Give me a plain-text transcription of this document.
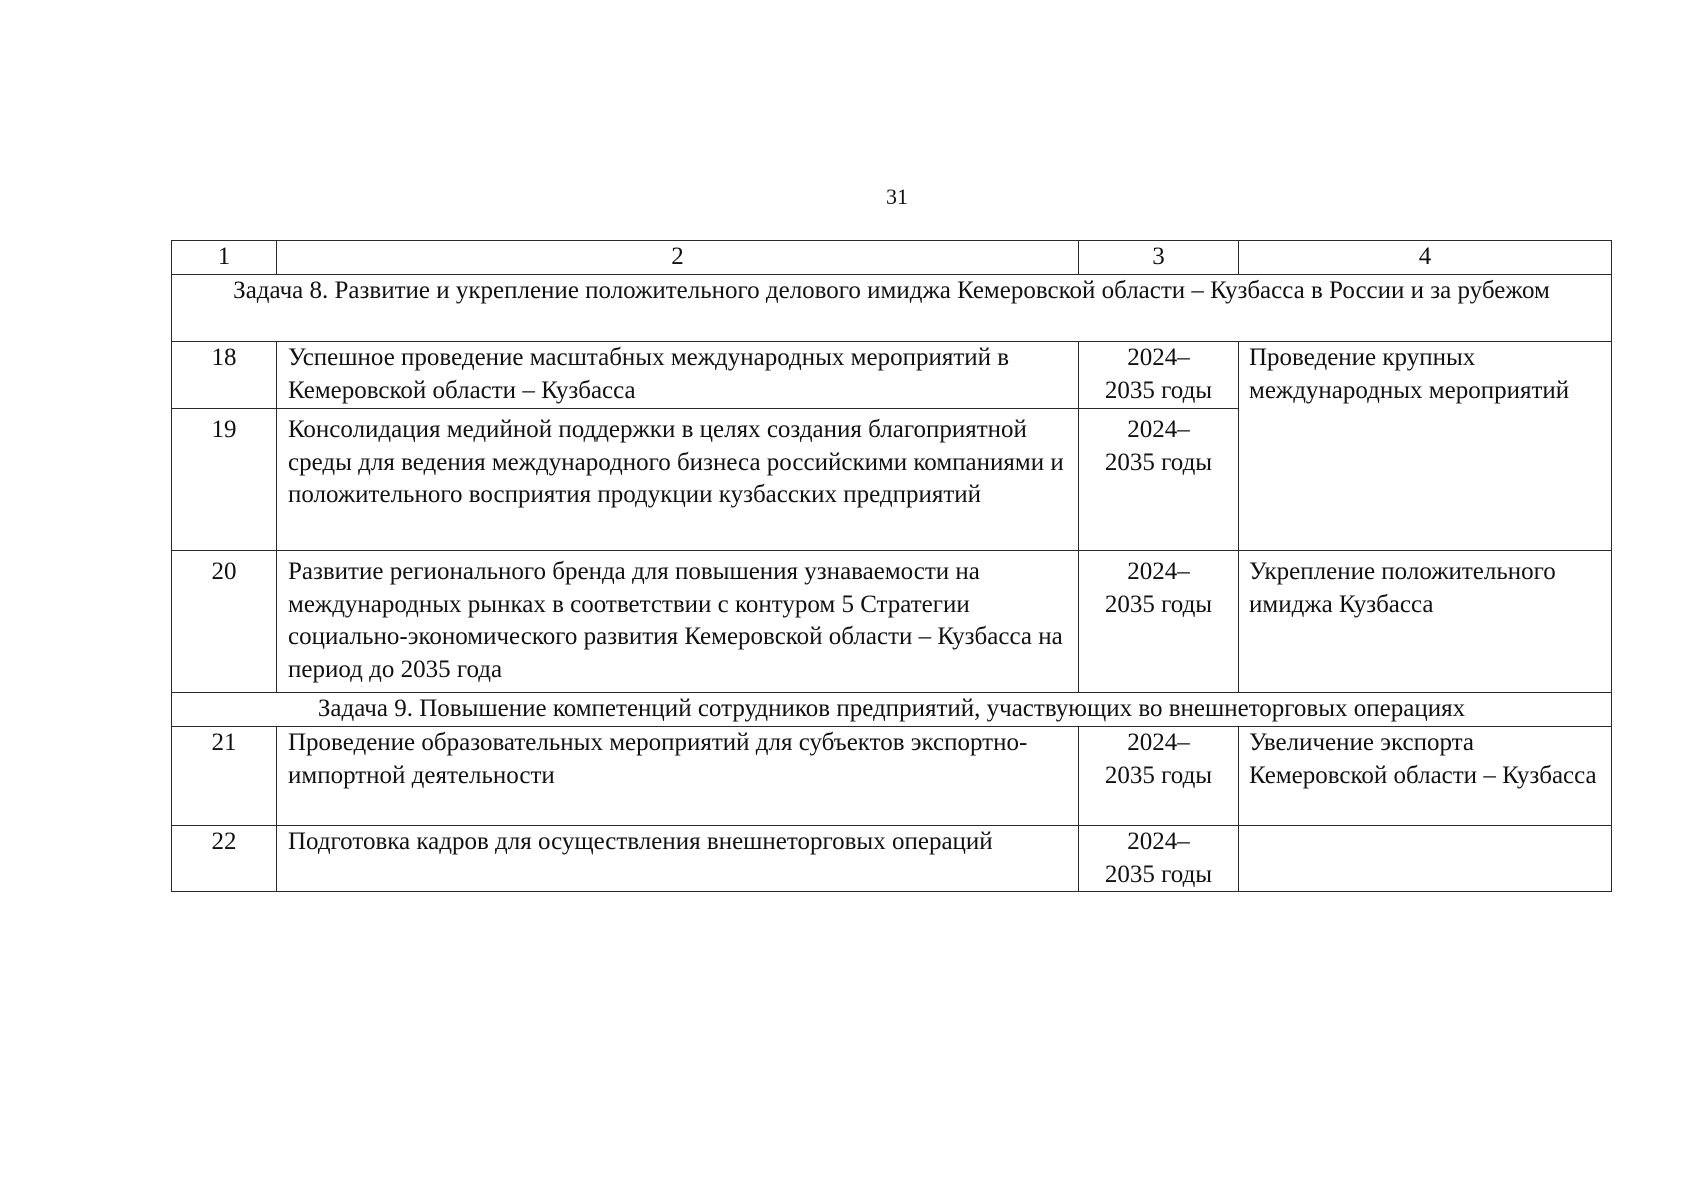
31
1	2	3	4
Задача 8. Развитие и укрепление положительного делового имиджа Кемеровской области – Кузбасса в России и за рубежом			
18	Успешное проведение масштабных международных мероприятий в Кемеровской области – Кузбасса	2024–
2035 годы	Проведение крупных международных мероприятий
19	Консолидация медийной поддержки в целях создания благоприятной среды для ведения международного бизнеса российскими компаниями и положительного восприятия продукции кузбасских предприятий	2024–
2035 годы	
20	Развитие регионального бренда для повышения узнаваемости на международных рынках в соответствии с контуром 5 Стратегии социально-экономического развития Кемеровской области – Кузбасса на период до 2035 года	2024–
2035 годы	Укрепление положительного имиджа Кузбасса
Задача 9. Повышение компетенций сотрудников предприятий, участвующих во внешнеторговых операциях			
21	Проведение образовательных мероприятий для субъектов экспортно-импортной деятельности	2024–
2035 годы	Увеличение экспорта Кемеровской области – Кузбасса
22	Подготовка кадров для осуществления внешнеторговых операций	2024–
2035 годы	
